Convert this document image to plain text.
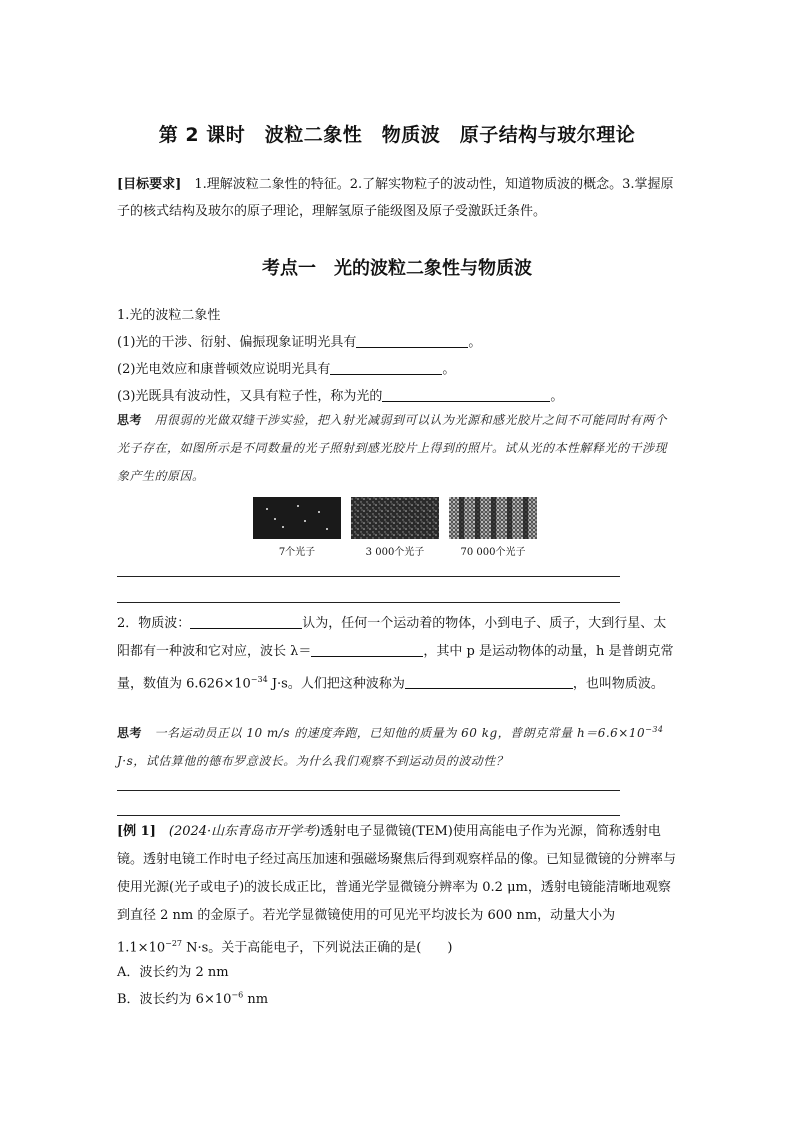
第 2 课时　波粒二象性　物质波　原子结构与玻尔理论
[目标要求]　1.理解波粒二象性的特征。2.了解实物粒子的波动性，知道物质波的概念。3.掌握原子的核式结构及玻尔的原子理论，理解氢原子能级图及原子受激跃迁条件。
考点一　光的波粒二象性与物质波
1.光的波粒二象性
(1)光的干涉、衍射、偏振现象证明光具有	。
(2)光电效应和康普顿效应说明光具有	。
(3)光既具有波动性，又具有粒子性，称为光的	。
思考　用很弱的光做双缝干涉实验，把入射光减弱到可以认为光源和感光胶片之间不可能同时有两个光子存在，如图所示是不同数量的光子照射到感光胶片上得到的照片。试从光的本性解释光的干涉现象产生的原因。
7个光子	3 000个光子	70 000个光子
2．物质波：	认为，任何一个运动着的物体，小到电子、质子，大到行星、太阳都有一种波和它对应，波长 λ＝	，其中 p 是运动物体的动量，h 是普朗克常量，数值为 $6.626\times 10^{-34}$ J·s。人们把这种波称为	，也叫物质波。
思考　一名运动员正以 10 m/s 的速度奔跑，已知他的质量为 60 kg，普朗克常量 $h=6.6\times 10^{-34}$ J·s，试估算他的德布罗意波长。为什么我们观察不到运动员的波动性？
[例 1]　 (2024·山东青岛市开学考)透射电子显微镜(TEM)使用高能电子作为光源，简称透射电镜。透射电镜工作时电子经过高压加速和强磁场聚焦后得到观察样品的像。已知显微镜的分辨率与使用光源(光子或电子)的波长成正比，普通光学显微镜分辨率为 0.2 μm，透射电镜能清晰地观察到直径 2 nm 的金原子。若光学显微镜使用的可见光平均波长为 600 nm，动量大小为 $1.1\times 10^{-27}$ N·s。关于高能电子，下列说法正确的是(　　)
A．波长约为 2 nm
B．波长约为 $6\times 10^{-6}$ nm
